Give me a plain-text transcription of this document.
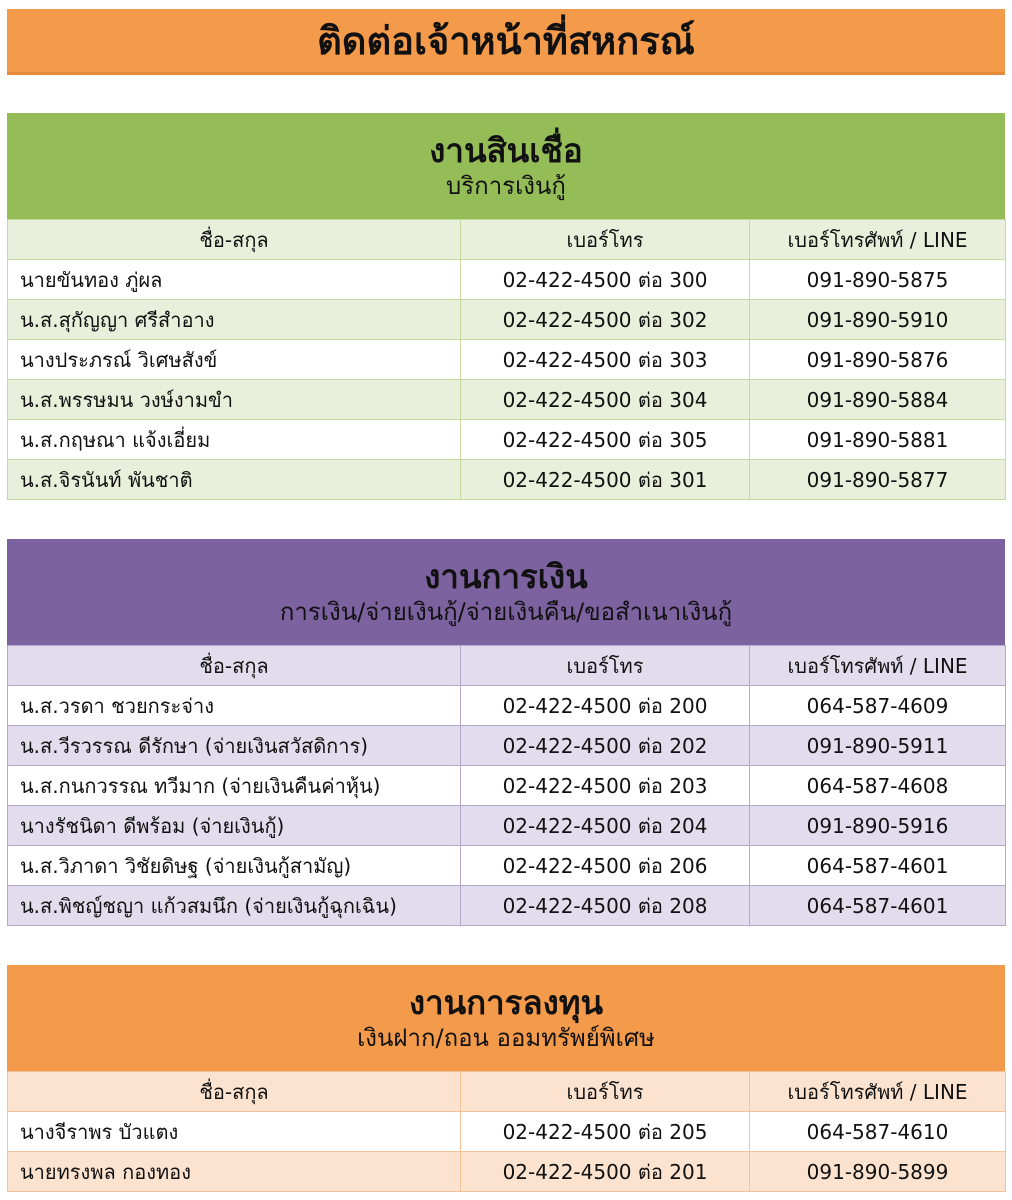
ติดต่อเจ้าหน้าที่สหกรณ์
งานสินเชื่อ
บริการเงินกู้
ชื่อ-สกุล	เบอร์โทร	เบอร์โทรศัพท์ / LINE
นายขันทอง ภู่ผล	02-422-4500 ต่อ 300	091-890-5875
น.ส.สุกัญญา ศรีสำอาง	02-422-4500 ต่อ 302	091-890-5910
นางประภรณ์ วิเศษสังข์	02-422-4500 ต่อ 303	091-890-5876
น.ส.พรรษมน วงษ์งามขำ	02-422-4500 ต่อ 304	091-890-5884
น.ส.กฤษณา แจ้งเอี่ยม	02-422-4500 ต่อ 305	091-890-5881
น.ส.จิรนันท์ พันชาติ	02-422-4500 ต่อ 301	091-890-5877
งานการเงิน
การเงิน/จ่ายเงินกู้/จ่ายเงินคืน/ขอสำเนาเงินกู้
ชื่อ-สกุล	เบอร์โทร	เบอร์โทรศัพท์ / LINE
น.ส.วรดา ชวยกระจ่าง	02-422-4500 ต่อ 200	064-587-4609
น.ส.วีรวรรณ ดีรักษา (จ่ายเงินสวัสดิการ)	02-422-4500 ต่อ 202	091-890-5911
น.ส.กนกวรรณ ทวีมาก (จ่ายเงินคืนค่าหุ้น)	02-422-4500 ต่อ 203	064-587-4608
นางรัชนิดา ดีพร้อม (จ่ายเงินกู้)	02-422-4500 ต่อ 204	091-890-5916
น.ส.วิภาดา วิชัยดิษฐ (จ่ายเงินกู้สามัญ)	02-422-4500 ต่อ 206	064-587-4601
น.ส.พิชญ์ชญา แก้วสมนึก (จ่ายเงินกู้ฉุกเฉิน)	02-422-4500 ต่อ 208	064-587-4601
งานการลงทุน
เงินฝาก/ถอน ออมทรัพย์พิเศษ
ชื่อ-สกุล	เบอร์โทร	เบอร์โทรศัพท์ / LINE
นางจีราพร บัวแตง	02-422-4500 ต่อ 205	064-587-4610
นายทรงพล กองทอง	02-422-4500 ต่อ 201	091-890-5899
